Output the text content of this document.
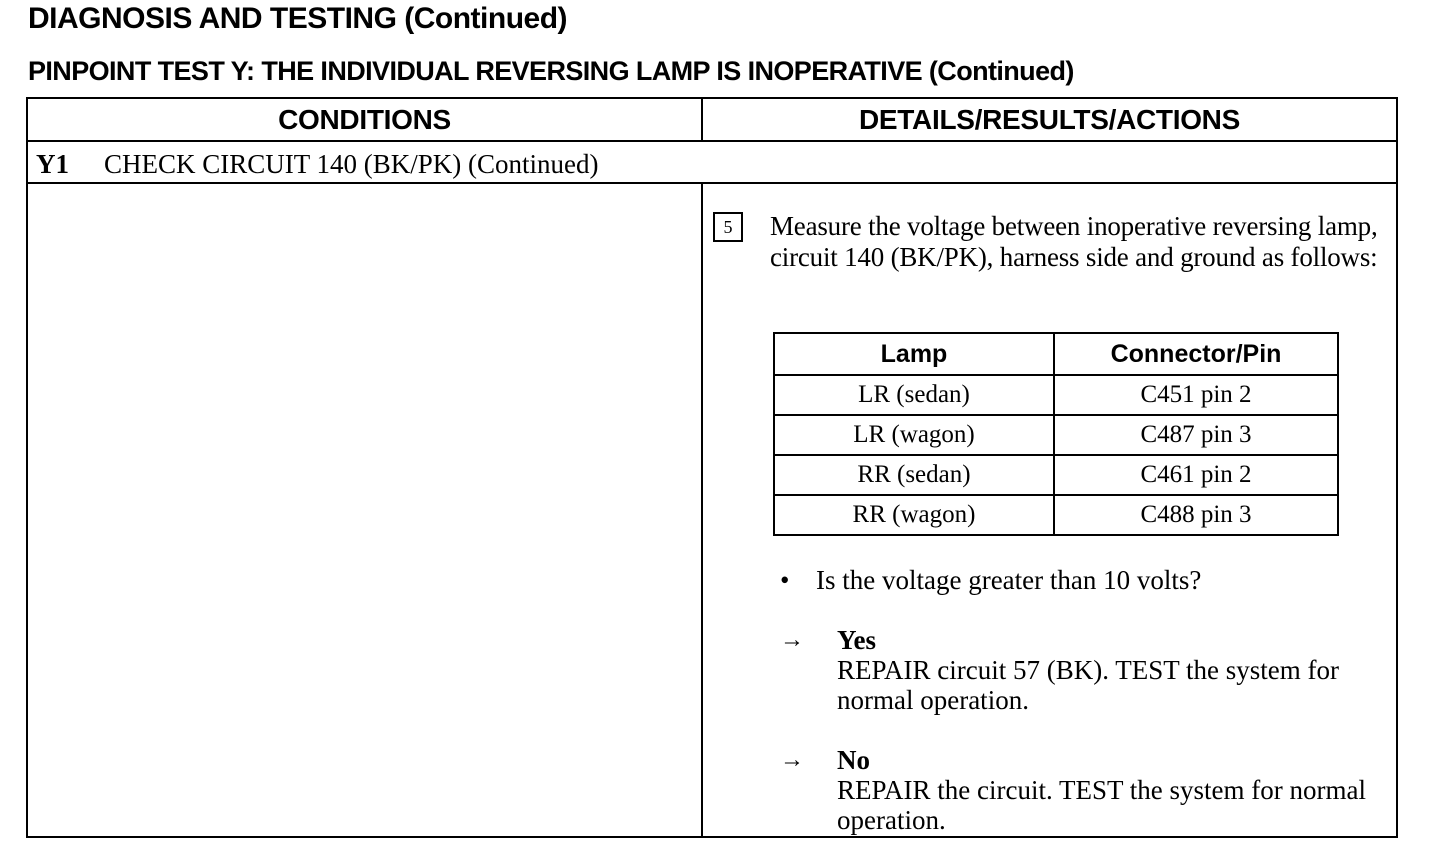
DIAGNOSIS AND TESTING (Continued)
PINPOINT TEST Y: THE INDIVIDUAL REVERSING LAMP IS INOPERATIVE (Continued)
CONDITIONS	DETAILS/RESULTS/ACTIONS
Y1 CHECK CIRCUIT 140 (BK/PK) (Continued)
5	Measure the voltage between inoperative reversing lamp, circuit 140 (BK/PK), harness side and ground as follows:
Lamp	Connector/Pin
LR (sedan)	C451 pin 2
LR (wagon)	C487 pin 3
RR (sedan)	C461 pin 2
RR (wagon)	C488 pin 3
• Is the voltage greater than 10 volts?
→ Yes
REPAIR circuit 57 (BK). TEST the system for normal operation.
→ No
REPAIR the circuit. TEST the system for normal operation.
